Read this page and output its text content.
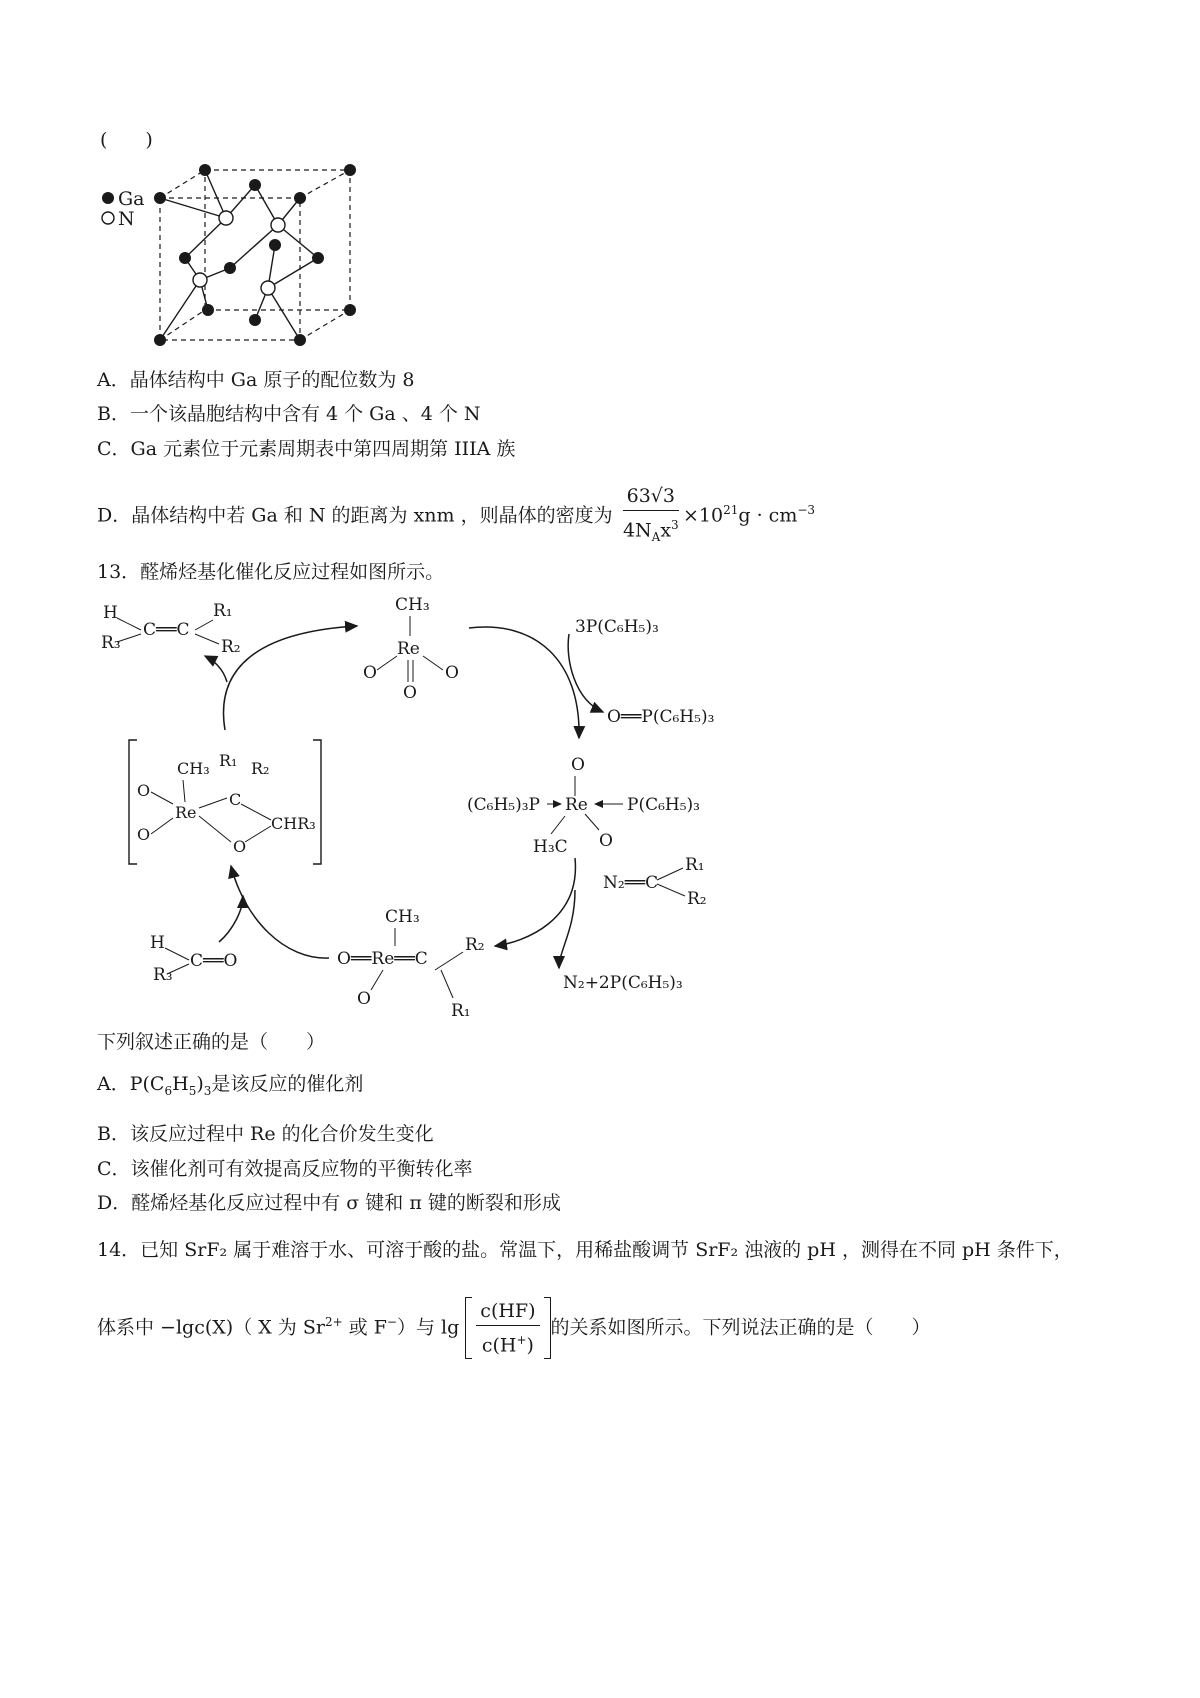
(　　)
Ga
N
A．晶体结构中 Ga 原子的配位数为 8
B．一个该晶胞结构中含有 4 个 Ga 、4 个 N
C．Ga 元素位于元素周期表中第四周期第 IIIA 族
D．晶体结构中若 Ga 和 N 的距离为 xnm ，则晶体的密度为 $\frac{63√3}{4N_Ax^3} \times 10^{21}g \cdot cm^{-3}$
13．醛烯烃基化催化反应过程如图所示。
H	R₁
R₃
C══C
R₂
CH₃
Re
O	O
O
3P(C₆H₅)₃
O══P(C₆H₅)₃
O
(C₆H₅)₃P Re P(C₆H₅)₃
O
H₃C
N₂══C
R₁
R₂
N₂+2P(C₆H₅)₃
CH₃
O══Re══C
R₂
O
R₁
H
C══O
R₃
CH₃ R₁ R₂
O
Re
C
CHR₃
O
O
下列叙述正确的是（　　）
A．$P(C_6H_5)_3$是该反应的催化剂
B．该反应过程中 Re 的化合价发生变化
C．该催化剂可有效提高反应物的平衡转化率
D．醛烯烃基化反应过程中有 σ 键和 π 键的断裂和形成
14．已知 SrF₂ 属于难溶于水、可溶于酸的盐。常温下，用稀盐酸调节 SrF₂ 浊液的 pH ，测得在不同 pH 条件下，
体系中 −lgc(X)（ X 为 $Sr^{2+}$ 或 F−）与 $\lg \frac{c(HF)}{c(H^+)}$ 的关系如图所示。下列说法正确的是（　　）
